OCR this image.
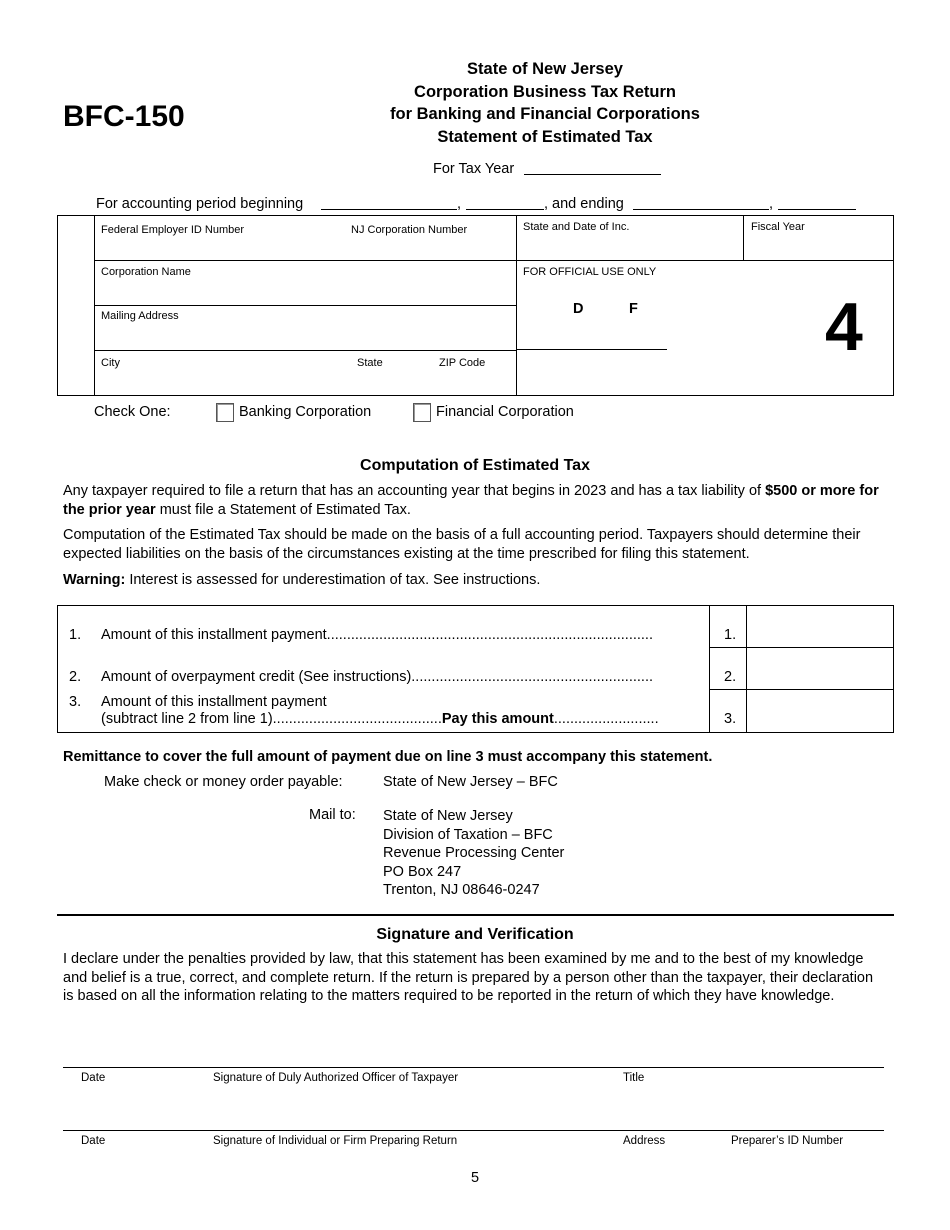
BFC-150
State of New Jersey
Corporation Business Tax Return
for Banking and Financial Corporations
Statement of Estimated Tax
For Tax Year
For accounting period beginning	,	, and ending	,
Federal Employer ID Number	NJ Corporation Number	State and Date of Inc.	Fiscal Year
Corporation Name	FOR OFFICIAL USE ONLY
D	F	4
Mailing Address
City	State	ZIP Code
Check One:	Banking Corporation	Financial Corporation
Computation of Estimated Tax
Any taxpayer required to file a return that has an accounting year that begins in 2023 and has a tax liability of $500 or more for the prior year must file a Statement of Estimated Tax.
Computation of the Estimated Tax should be made on the basis of a full accounting period. Taxpayers should determine their expected liabilities on the basis of the circumstances existing at the time prescribed for filing this statement.
Warning: Interest is assessed for underestimation of tax. See instructions.
1. Amount of this installment payment.................................................................................	1.
2. Amount of overpayment credit (See instructions)............................................................	2.
3. Amount of this installment payment
(subtract line 2 from line 1)..........................................Pay this amount..........................	3.
Remittance to cover the full amount of payment due on line 3 must accompany this statement.
Make check or money order payable:	State of New Jersey – BFC
Mail to: State of New Jersey
Division of Taxation – BFC
Revenue Processing Center
PO Box 247
Trenton, NJ 08646-0247
Signature and Verification
I declare under the penalties provided by law, that this statement has been examined by me and to the best of my knowledge and belief is a true, correct, and complete return. If the return is prepared by a person other than the taxpayer, their declaration is based on all the information relating to the matters required to be reported in the return of which they have knowledge.
Date	Signature of Duly Authorized Officer of Taxpayer	Title
Date	Signature of Individual or Firm Preparing Return	Address	Preparer’s ID Number
5
